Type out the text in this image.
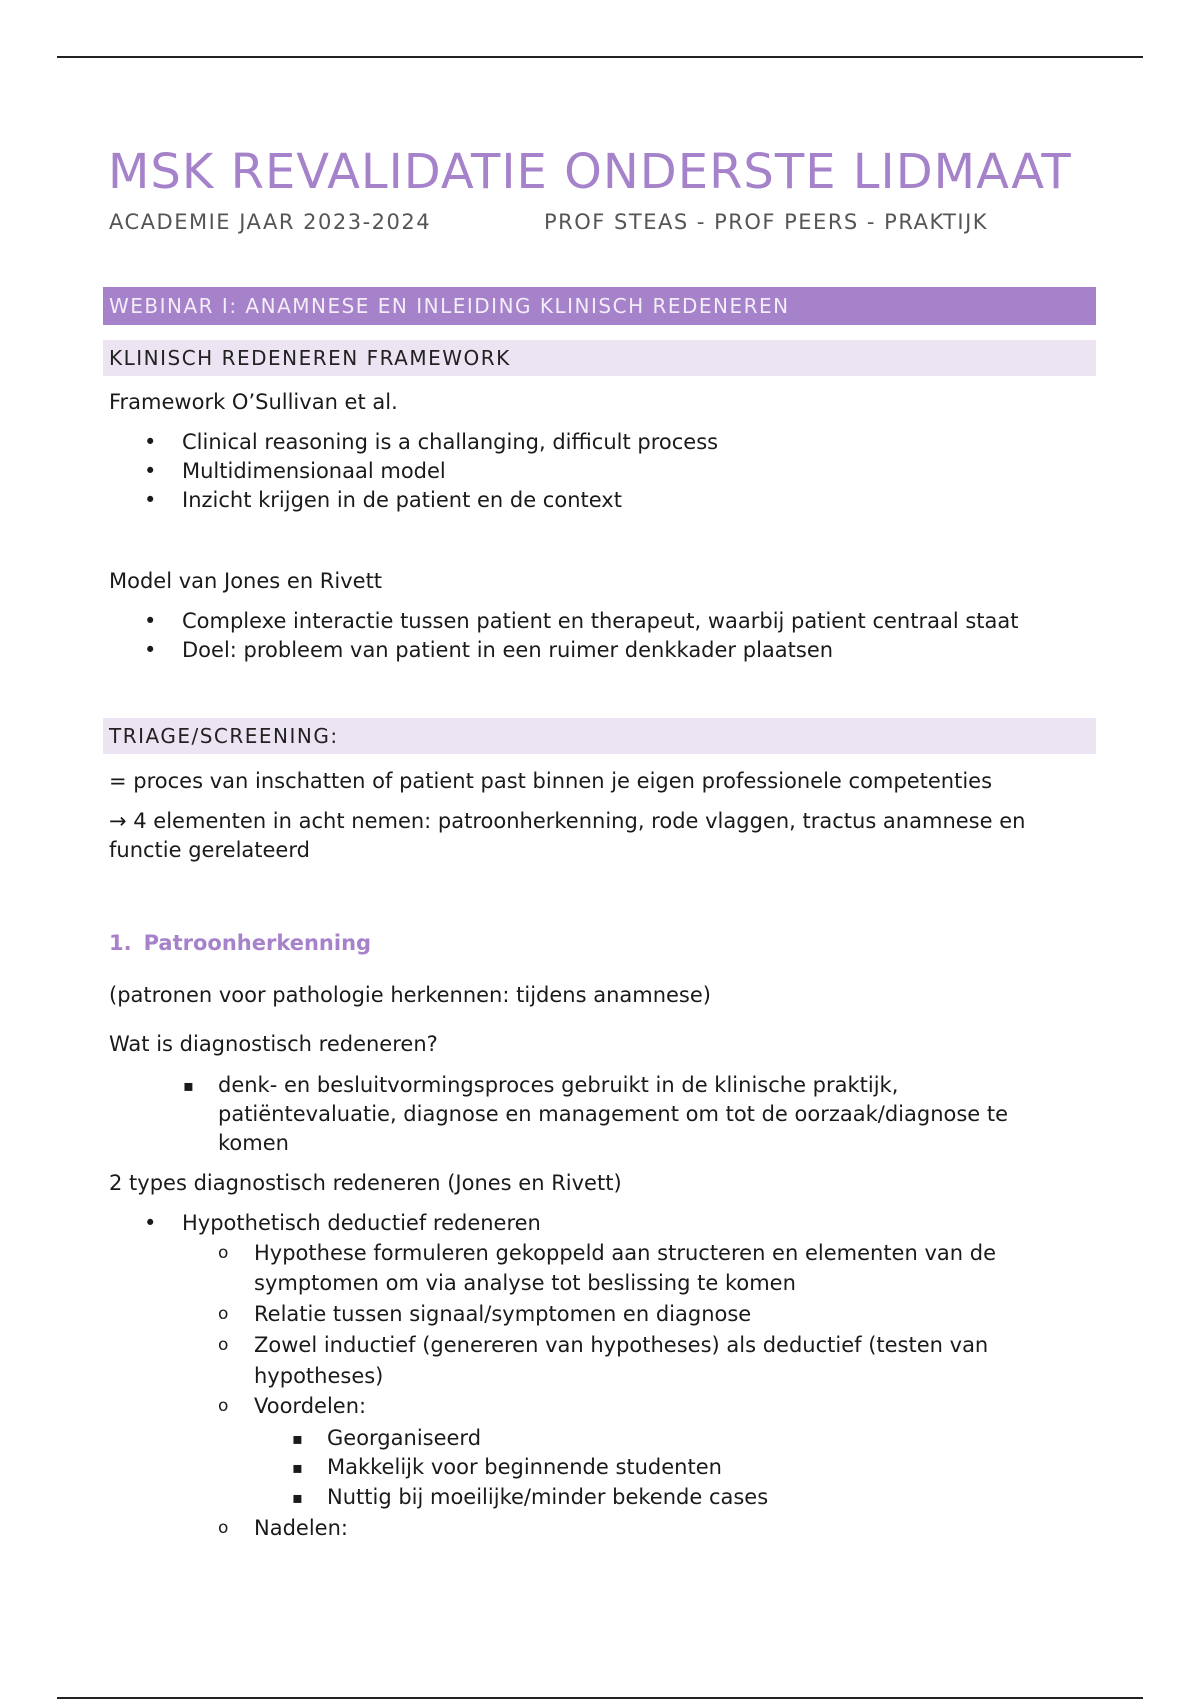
MSK REVALIDATIE ONDERSTE LIDMAAT
ACADEMIE JAAR 2023-2024	PROF STEAS - PROF PEERS - PRAKTIJK
WEBINAR I: ANAMNESE EN INLEIDING KLINISCH REDENEREN
KLINISCH REDENEREN FRAMEWORK
Framework O’Sullivan et al.
• Clinical reasoning is a challanging, difficult process
• Multidimensionaal model
• Inzicht krijgen in de patient en de context
Model van Jones en Rivett
• Complexe interactie tussen patient en therapeut, waarbij patient centraal staat
• Doel: probleem van patient in een ruimer denkkader plaatsen
TRIAGE/SCREENING:
= proces van inschatten of patient past binnen je eigen professionele competenties
→ 4 elementen in acht nemen: patroonherkenning, rode vlaggen, tractus anamnese en
functie gerelateerd
1. Patroonherkenning
(patronen voor pathologie herkennen: tijdens anamnese)
Wat is diagnostisch redeneren?
▪ denk- en besluitvormingsproces gebruikt in de klinische praktijk,
patiëntevaluatie, diagnose en management om tot de oorzaak/diagnose te
komen
2 types diagnostisch redeneren (Jones en Rivett)
• Hypothetisch deductief redeneren
o Hypothese formuleren gekoppeld aan structeren en elementen van de
symptomen om via analyse tot beslissing te komen
o Relatie tussen signaal/symptomen en diagnose
o Zowel inductief (genereren van hypotheses) als deductief (testen van
hypotheses)
o Voordelen:
▪ Georganiseerd
▪ Makkelijk voor beginnende studenten
▪ Nuttig bij moeilijke/minder bekende cases
o Nadelen:
